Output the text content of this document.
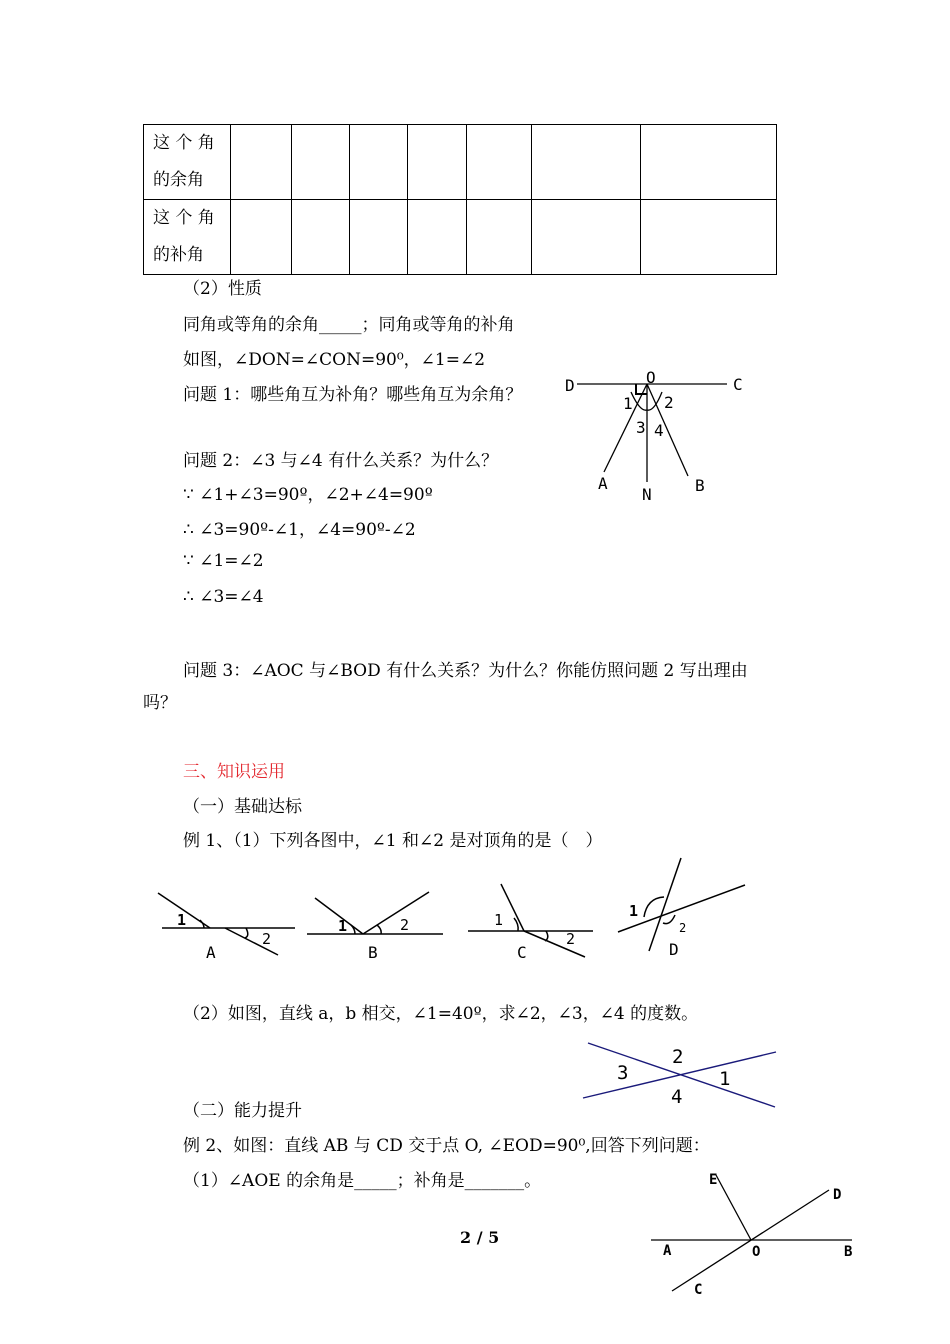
这 个 角
的余角							

这 个 角
的补角							

（2）性质
同角或等角的余角_____；同角或等角的补角
如图，∠DON=∠CON=90⁰，∠1=∠2
问题 1：哪些角互为补角？哪些角互为余角？
问题 2：∠3 与∠4 有什么关系？为什么？
∵ ∠1+∠3=90º，∠2+∠4=90º
∴ ∠3=90º-∠1，∠4=90º-∠2
∵ ∠1=∠2
∴ ∠3=∠4
问题 3：∠AOC 与∠BOD 有什么关系？为什么？你能仿照问题 2 写出理由
吗？
三、知识运用
（一）基础达标
例 1、（1）下列各图中，∠1 和∠2 是对顶角的是（　）
（2）如图，直线 a，b 相交，∠1=40º，求∠2，∠3，∠4 的度数。
（二）能力提升
例 2、如图：直线 AB 与 CD 交于点 O, ∠EOD=90⁰,回答下列问题：
（1）∠AOE 的余角是_____；补角是_______。
2 / 5
D	O	C
1 2
3 4
A
N	B
1
2
A
1	2
B
1
2
C
1
2
D
2
3	1
4
E
D
A	O	B
C
